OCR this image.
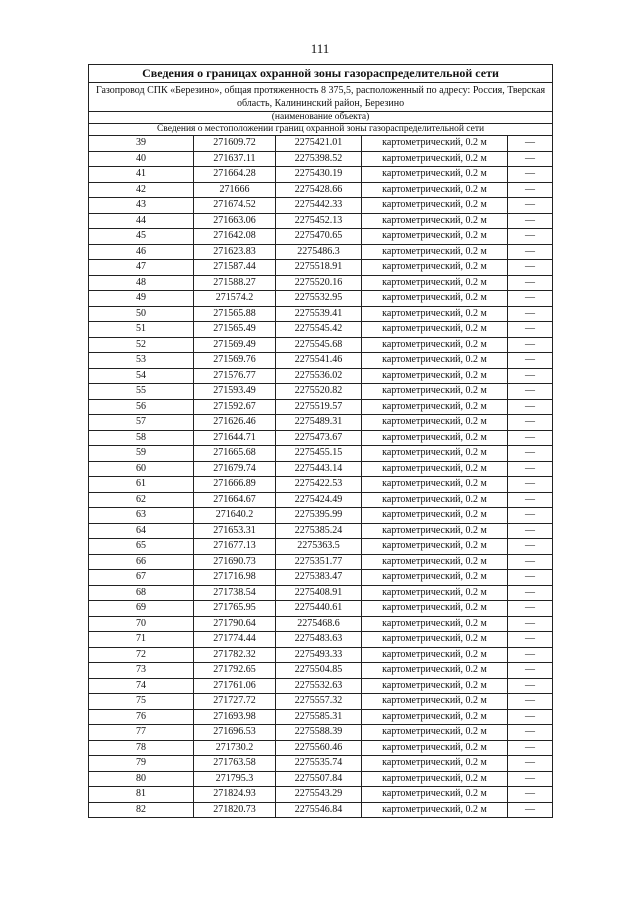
111
Сведения о границах охранной зоны газораспределительной сети				
Газопровод СПК «Березино», общая протяженность 8 375,5, расположенный по адресу: Россия, Тверская область, Калининский район, Березино				
(наименование объекта)				
Сведения о местоположении границ охранной зоны газораспределительной сети				
39	271609.72	2275421.01	картометрический, 0.2 м	—
40	271637.11	2275398.52	картометрический, 0.2 м	—
41	271664.28	2275430.19	картометрический, 0.2 м	—
42	271666	2275428.66	картометрический, 0.2 м	—
43	271674.52	2275442.33	картометрический, 0.2 м	—
44	271663.06	2275452.13	картометрический, 0.2 м	—
45	271642.08	2275470.65	картометрический, 0.2 м	—
46	271623.83	2275486.3	картометрический, 0.2 м	—
47	271587.44	2275518.91	картометрический, 0.2 м	—
48	271588.27	2275520.16	картометрический, 0.2 м	—
49	271574.2	2275532.95	картометрический, 0.2 м	—
50	271565.88	2275539.41	картометрический, 0.2 м	—
51	271565.49	2275545.42	картометрический, 0.2 м	—
52	271569.49	2275545.68	картометрический, 0.2 м	—
53	271569.76	2275541.46	картометрический, 0.2 м	—
54	271576.77	2275536.02	картометрический, 0.2 м	—
55	271593.49	2275520.82	картометрический, 0.2 м	—
56	271592.67	2275519.57	картометрический, 0.2 м	—
57	271626.46	2275489.31	картометрический, 0.2 м	—
58	271644.71	2275473.67	картометрический, 0.2 м	—
59	271665.68	2275455.15	картометрический, 0.2 м	—
60	271679.74	2275443.14	картометрический, 0.2 м	—
61	271666.89	2275422.53	картометрический, 0.2 м	—
62	271664.67	2275424.49	картометрический, 0.2 м	—
63	271640.2	2275395.99	картометрический, 0.2 м	—
64	271653.31	2275385.24	картометрический, 0.2 м	—
65	271677.13	2275363.5	картометрический, 0.2 м	—
66	271690.73	2275351.77	картометрический, 0.2 м	—
67	271716.98	2275383.47	картометрический, 0.2 м	—
68	271738.54	2275408.91	картометрический, 0.2 м	—
69	271765.95	2275440.61	картометрический, 0.2 м	—
70	271790.64	2275468.6	картометрический, 0.2 м	—
71	271774.44	2275483.63	картометрический, 0.2 м	—
72	271782.32	2275493.33	картометрический, 0.2 м	—
73	271792.65	2275504.85	картометрический, 0.2 м	—
74	271761.06	2275532.63	картометрический, 0.2 м	—
75	271727.72	2275557.32	картометрический, 0.2 м	—
76	271693.98	2275585.31	картометрический, 0.2 м	—
77	271696.53	2275588.39	картометрический, 0.2 м	—
78	271730.2	2275560.46	картометрический, 0.2 м	—
79	271763.58	2275535.74	картометрический, 0.2 м	—
80	271795.3	2275507.84	картометрический, 0.2 м	—
81	271824.93	2275543.29	картометрический, 0.2 м	—
82	271820.73	2275546.84	картометрический, 0.2 м	—
